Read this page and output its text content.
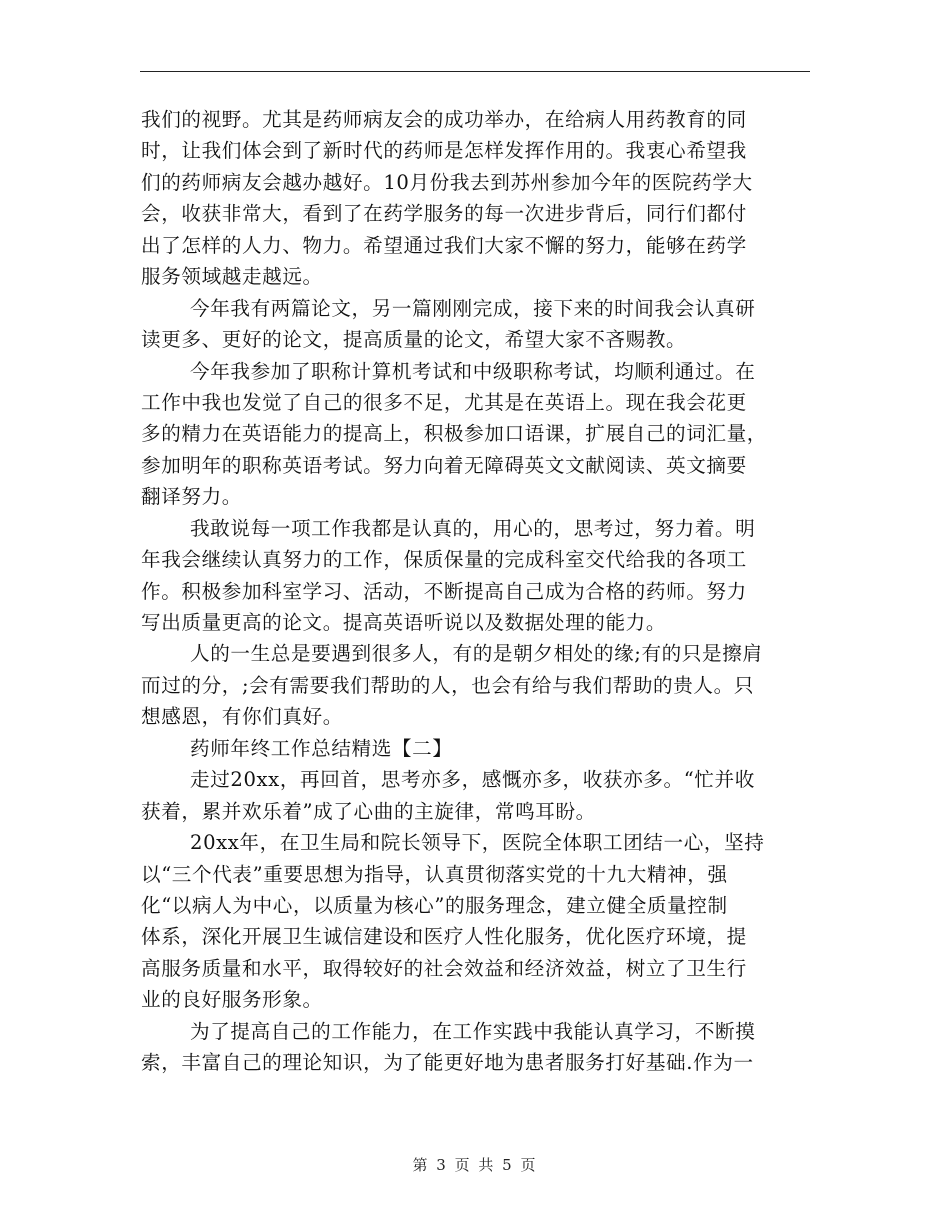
我们的视野。尤其是药师病友会的成功举办，在给病人用药教育的同
时，让我们体会到了新时代的药师是怎样发挥作用的。我衷心希望我
们的药师病友会越办越好。10月份我去到苏州参加今年的医院药学大
会，收获非常大，看到了在药学服务的每一次进步背后，同行们都付
出了怎样的人力、物力。希望通过我们大家不懈的努力，能够在药学
服务领域越走越远。
今年我有两篇论文，另一篇刚刚完成，接下来的时间我会认真研
读更多、更好的论文，提高质量的论文，希望大家不吝赐教。
今年我参加了职称计算机考试和中级职称考试，均顺利通过。在
工作中我也发觉了自己的很多不足，尤其是在英语上。现在我会花更
多的精力在英语能力的提高上，积极参加口语课，扩展自己的词汇量，
参加明年的职称英语考试。努力向着无障碍英文文献阅读、英文摘要
翻译努力。
我敢说每一项工作我都是认真的，用心的，思考过，努力着。明
年我会继续认真努力的工作，保质保量的完成科室交代给我的各项工
作。积极参加科室学习、活动，不断提高自己成为合格的药师。努力
写出质量更高的论文。提高英语听说以及数据处理的能力。
人的一生总是要遇到很多人，有的是朝夕相处的缘;有的只是擦肩
而过的分，;会有需要我们帮助的人，也会有给与我们帮助的贵人。只
想感恩，有你们真好。
药师年终工作总结精选【二】
走过20xx，再回首，思考亦多，感慨亦多，收获亦多。“忙并收
获着，累并欢乐着”成了心曲的主旋律，常鸣耳盼。
20xx年，在卫生局和院长领导下，医院全体职工团结一心，坚持
以“三个代表”重要思想为指导，认真贯彻落实党的十九大精神，强
化“以病人为中心，以质量为核心”的服务理念，建立健全质量控制
体系，深化开展卫生诚信建设和医疗人性化服务，优化医疗环境，提
高服务质量和水平，取得较好的社会效益和经济效益，树立了卫生行
业的良好服务形象。
为了提高自己的工作能力，在工作实践中我能认真学习，不断摸
索，丰富自己的理论知识，为了能更好地为患者服务打好基础.作为一
第 3 页 共 5 页
